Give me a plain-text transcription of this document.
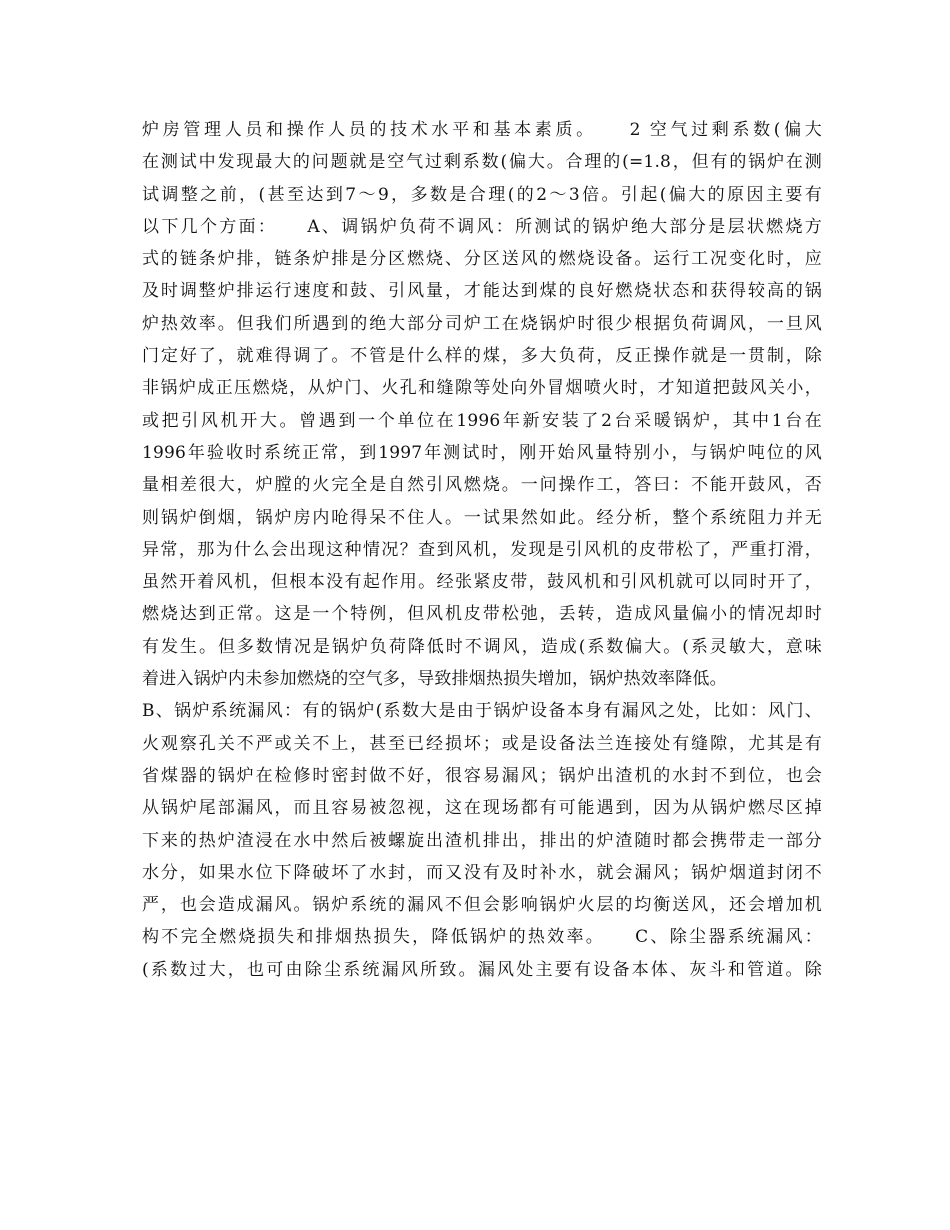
炉房管理人员和操作人员的技术水平和基本素质。　　2 空气过剩系数(偏大
在测试中发现最大的问题就是空气过剩系数(偏大。合理的(=1.8，但有的锅炉在测
试调整之前，(甚至达到7～9，多数是合理(的2～3倍。引起(偏大的原因主要有
以下几个方面：　　A、调锅炉负荷不调风：所测试的锅炉绝大部分是层状燃烧方
式的链条炉排，链条炉排是分区燃烧、分区送风的燃烧设备。运行工况变化时，应
及时调整炉排运行速度和鼓、引风量，才能达到煤的良好燃烧状态和获得较高的锅
炉热效率。但我们所遇到的绝大部分司炉工在烧锅炉时很少根据负荷调风，一旦风
门定好了，就难得调了。不管是什么样的煤，多大负荷，反正操作就是一贯制，除
非锅炉成正压燃烧，从炉门、火孔和缝隙等处向外冒烟喷火时，才知道把鼓风关小，
或把引风机开大。曾遇到一个单位在1996年新安装了2台采暖锅炉，其中1台在
1996年验收时系统正常，到1997年测试时，刚开始风量特别小，与锅炉吨位的风
量相差很大，炉膛的火完全是自然引风燃烧。一问操作工，答曰：不能开鼓风，否
则锅炉倒烟，锅炉房内呛得呆不住人。一试果然如此。经分析，整个系统阻力并无
异常，那为什么会出现这种情况？查到风机，发现是引风机的皮带松了，严重打滑，
虽然开着风机，但根本没有起作用。经张紧皮带，鼓风机和引风机就可以同时开了，
燃烧达到正常。这是一个特例，但风机皮带松弛，丢转，造成风量偏小的情况却时
有发生。但多数情况是锅炉负荷降低时不调风，造成(系数偏大。(系灵敏大，意味
着进入锅炉内未参加燃烧的空气多，导致排烟热损失增加，锅炉热效率降低。
B、锅炉系统漏风：有的锅炉(系数大是由于锅炉设备本身有漏风之处，比如：风门、
火观察孔关不严或关不上，甚至已经损坏；或是设备法兰连接处有缝隙，尤其是有
省煤器的锅炉在检修时密封做不好，很容易漏风；锅炉出渣机的水封不到位，也会
从锅炉尾部漏风，而且容易被忽视，这在现场都有可能遇到，因为从锅炉燃尽区掉
下来的热炉渣浸在水中然后被螺旋出渣机排出，排出的炉渣随时都会携带走一部分
水分，如果水位下降破坏了水封，而又没有及时补水，就会漏风；锅炉烟道封闭不
严，也会造成漏风。锅炉系统的漏风不但会影响锅炉火层的均衡送风，还会增加机
构不完全燃烧损失和排烟热损失，降低锅炉的热效率。　　C、除尘器系统漏风：
(系数过大，也可由除尘系统漏风所致。漏风处主要有设备本体、灰斗和管道。除
